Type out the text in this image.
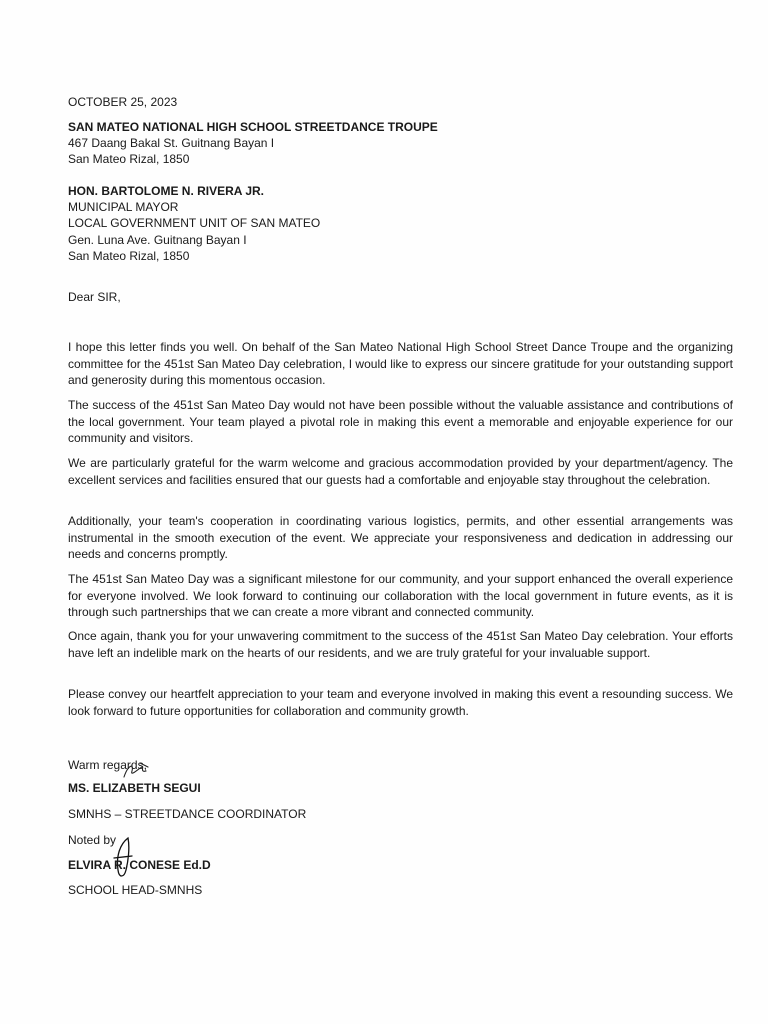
OCTOBER 25, 2023
SAN MATEO NATIONAL HIGH SCHOOL STREETDANCE TROUPE
467 Daang Bakal St. Guitnang Bayan I
San Mateo Rizal, 1850
HON. BARTOLOME N. RIVERA JR.
MUNICIPAL MAYOR
LOCAL GOVERNMENT UNIT OF SAN MATEO
Gen. Luna Ave. Guitnang Bayan I
San Mateo Rizal, 1850
Dear SIR,

I hope this letter finds you well. On behalf of the San Mateo National High School Street Dance Troupe and the organizing committee for the 451st San Mateo Day celebration, I would like to express our sincere gratitude for your outstanding support and generosity during this momentous occasion.

The success of the 451st San Mateo Day would not have been possible without the valuable assistance and contributions of the local government. Your team played a pivotal role in making this event a memorable and enjoyable experience for our community and visitors.

We are particularly grateful for the warm welcome and gracious accommodation provided by your department/agency. The excellent services and facilities ensured that our guests had a comfortable and enjoyable stay throughout the celebration.

Additionally, your team's cooperation in coordinating various logistics, permits, and other essential arrangements was instrumental in the smooth execution of the event. We appreciate your responsiveness and dedication in addressing our needs and concerns promptly.

The 451st San Mateo Day was a significant milestone for our community, and your support enhanced the overall experience for everyone involved. We look forward to continuing our collaboration with the local government in future events, as it is through such partnerships that we can create a more vibrant and connected community.

Once again, thank you for your unwavering commitment to the success of the 451st San Mateo Day celebration. Your efforts have left an indelible mark on the hearts of our residents, and we are truly grateful for your invaluable support.

Please convey our heartfelt appreciation to your team and everyone involved in making this event a resounding success. We look forward to future opportunities for collaboration and community growth.

Warm regards,
MS. ELIZABETH SEGUI
SMNHS – STREETDANCE COORDINATOR
Noted by
ELVIRA R. CONESE Ed.D
SCHOOL HEAD-SMNHS
